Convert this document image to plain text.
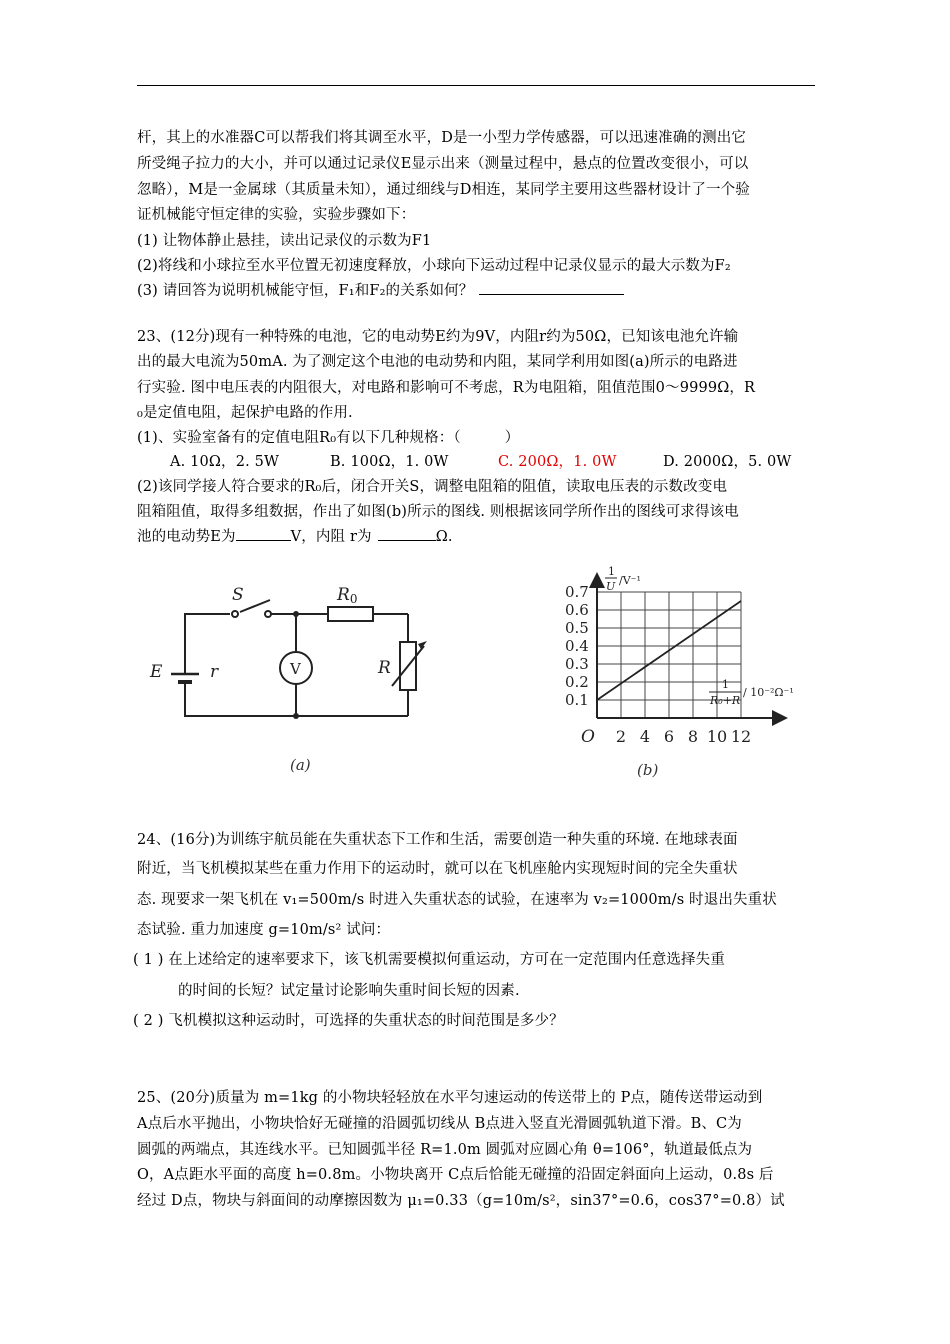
杆，其上的水准器C可以帮我们将其调至水平，D是一小型力学传感器，可以迅速准确的测出它
所受绳子拉力的大小，并可以通过记录仪E显示出来（测量过程中，悬点的位置改变很小，可以
忽略），M是一金属球（其质量未知），通过细线与D相连，某同学主要用这些器材设计了一个验
证机械能守恒定律的实验，实验步骤如下：
(1) 让物体静止悬挂，读出记录仪的示数为F1
(2)将线和小球拉至水平位置无初速度释放，小球向下运动过程中记录仪显示的最大示数为F₂
(3) 请回答为说明机械能守恒，F₁和F₂的关系如何？
23、(12分)现有一种特殊的电池，它的电动势E约为9V，内阻r约为50Ω，已知该电池允许输
出的最大电流为50mA. 为了测定这个电池的电动势和内阻，某同学利用如图(a)所示的电路进
行实验. 图中电压表的内阻很大，对电路和影响可不考虑，R为电阻箱，阻值范围0～9999Ω，R
₀是定值电阻，起保护电路的作用.
(1)、实验室备有的定值电阻R₀有以下几种规格：（　　　）
A. 10Ω，2. 5W	B. 100Ω，1. 0W	C. 200Ω，1. 0W	D. 2000Ω，5. 0W
(2)该同学接人符合要求的R₀后，闭合开关S，调整电阻箱的阻值，读取电压表的示数改变电
阻箱阻值，取得多组数据，作出了如图(b)所示的图线. 则根据该同学所作出的图线可求得该电
池的电动势E为	V，内阻 r为	Ω.
S	R0
E	r	V	R
(a)
0.7
0.6
0.5
0.4
0.3
0.2
0.1
2 4 6 8 10 12
1
U /V⁻¹
1
R₀+R
/ 10⁻²Ω⁻¹
O
(b)
24、(16分)为训练宇航员能在失重状态下工作和生活，需要创造一种失重的环境. 在地球表面
附近，当飞机模拟某些在重力作用下的运动时，就可以在飞机座舱内实现短时间的完全失重状
态. 现要求一架飞机在 v₁=500m/s 时进入失重状态的试验，在速率为 v₂=1000m/s 时退出失重状
态试验. 重力加速度 g=10m/s² 试问：
( 1 ) 在上述给定的速率要求下，该飞机需要模拟何重运动，方可在一定范围内任意选择失重
的时间的长短？试定量讨论影响失重时间长短的因素.
( 2 ) 飞机模拟这种运动时，可选择的失重状态的时间范围是多少？
25、(20分)质量为 m=1kg 的小物块轻轻放在水平匀速运动的传送带上的 P点，随传送带运动到
A点后水平抛出，小物块恰好无碰撞的沿圆弧切线从 B点进入竖直光滑圆弧轨道下滑。B、C为
圆弧的两端点，其连线水平。已知圆弧半径 R=1.0m 圆弧对应圆心角 θ=106°，轨道最低点为
O，A点距水平面的高度 h=0.8m。小物块离开 C点后恰能无碰撞的沿固定斜面向上运动，0.8s 后
经过 D点，物块与斜面间的动摩擦因数为 μ₁=0.33（g=10m/s²，sin37°=0.6，cos37°=0.8）试
